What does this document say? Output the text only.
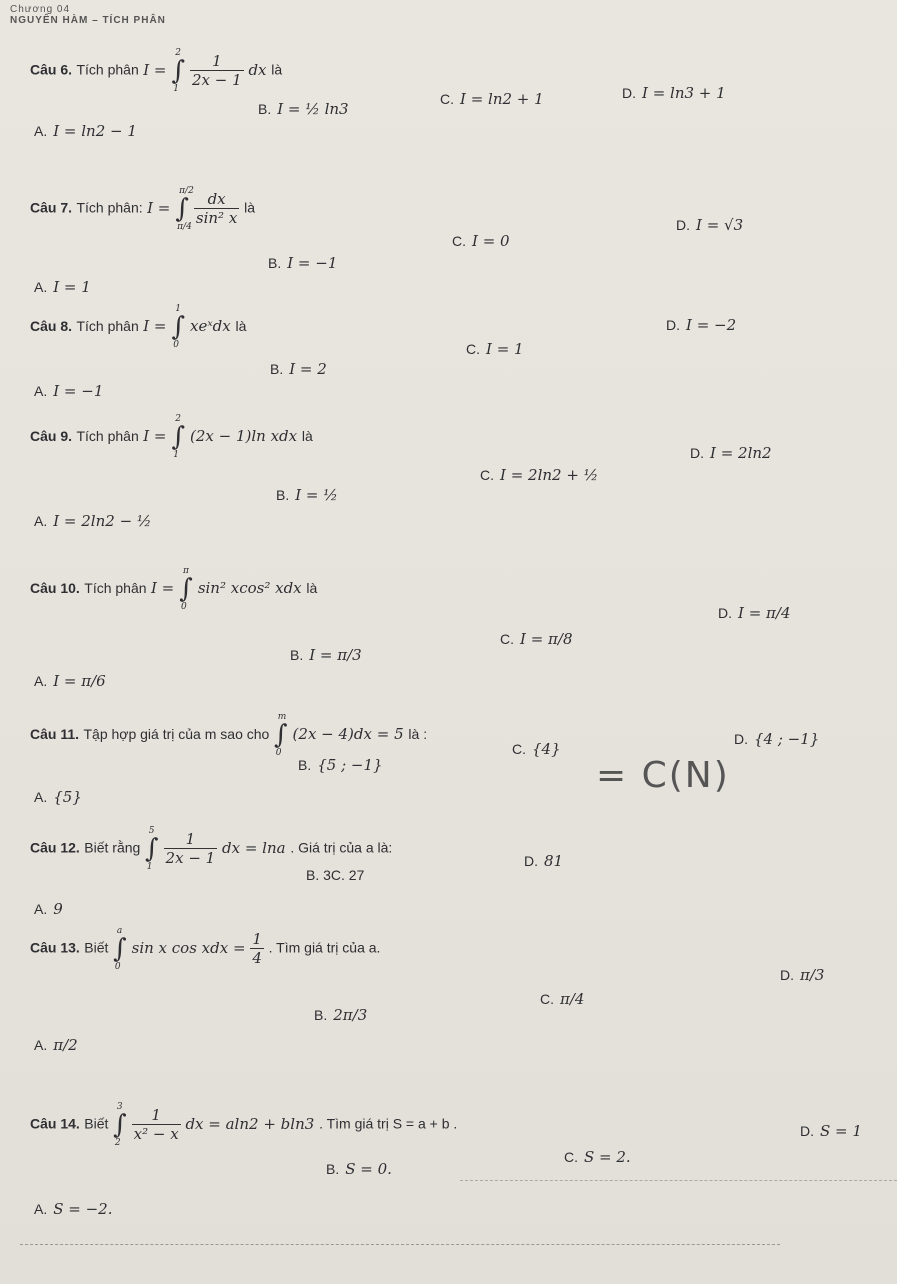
Chương 04
NGUYÊN HÀM – TÍCH PHÂN
Câu 6. Tích phân I =
2
∫
1
$\frac{1}{2x - 1}$ dx là
A. I = ln2 − 1
B. I = ½ ln3
C. I = ln2 + 1	D. I = ln3 + 1
Câu 7. Tích phân: I =
π/2
∫
π/4
$\frac{dx}{\text{sin² x}}$ là
A. I = 1
B. I = −1
C. I = 0
D. I = √3
Câu 8. Tích phân I =
1
∫
0
xeˣdx là
A. I = −1
B. I = 2
C. I = 1
D. I = −2
Câu 9. Tích phân I =
2
∫
1
(2x − 1)ln xdx là
A. I = 2ln2 − ½
B. I = ½
C. I = 2ln2 + ½
D. I = 2ln2
Câu 10. Tích phân I =
π
∫
0
sin² xcos² xdx là
A. I = π/6
B. I = π/3
C. I = π/8
D. I = π/4
Câu 11. Tập hợp giá trị của m sao cho
m
∫
0
(2x − 4)dx = 5 là :
A. {5}
B. {5 ; −1}
C. {4}
D. {4 ; −1}
= C(N)
Câu 12. Biết rằng
5
∫
1
$\frac{1}{2x - 1}$ dx = lna . Giá trị của a là:
A. 9
B. 3C. 27
D. 81
Câu 13. Biết
a
∫
0
sin x cos xdx = $\frac{1}{4}$ . Tìm giá trị của a.
A. π/2
B. 2π/3
C. π/4
D. π/3
Câu 14. Biết
3
∫
2
$\frac{1}{\text{x² − x}}$ dx = aln2 + bln3 . Tìm giá trị S = a + b .
A. S = −2.
B. S = 0.
C. S = 2.
D. S = 1
